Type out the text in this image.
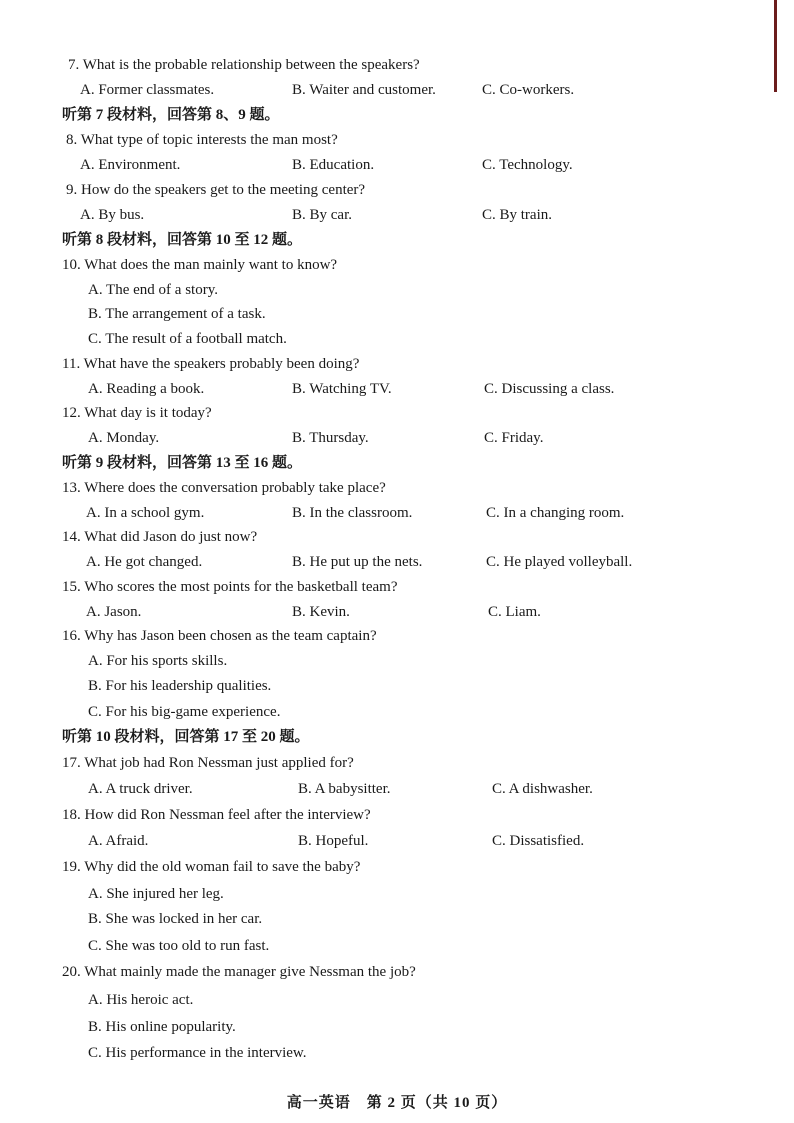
7. What is the probable relationship between the speakers?
A. Former classmates.	B. Waiter and customer.	C. Co-workers.
听第 7 段材料，回答第 8、9 题。
8. What type of topic interests the man most?
A. Environment.	B. Education.	C. Technology.
9. How do the speakers get to the meeting center?
A. By bus.	B. By car.	C. By train.
听第 8 段材料，回答第 10 至 12 题。
10. What does the man mainly want to know?
A. The end of a story.
B. The arrangement of a task.
C. The result of a football match.
11. What have the speakers probably been doing?
A. Reading a book.	B. Watching TV.	C. Discussing a class.
12. What day is it today?
A. Monday.	B. Thursday.	C. Friday.
听第 9 段材料，回答第 13 至 16 题。
13. Where does the conversation probably take place?
A. In a school gym.	B. In the classroom.	C. In a changing room.
14. What did Jason do just now?
A. He got changed.	B. He put up the nets.	C. He played volleyball.
15. Who scores the most points for the basketball team?
A. Jason.	B. Kevin.	C. Liam.
16. Why has Jason been chosen as the team captain?
A. For his sports skills.
B. For his leadership qualities.
C. For his big-game experience.
听第 10 段材料，回答第 17 至 20 题。
17. What job had Ron Nessman just applied for?
A. A truck driver.	B. A babysitter.	C. A dishwasher.
18. How did Ron Nessman feel after the interview?
A. Afraid.	B. Hopeful.	C. Dissatisfied.
19. Why did the old woman fail to save the baby?
A. She injured her leg.
B. She was locked in her car.
C. She was too old to run fast.
20. What mainly made the manager give Nessman the job?
A. His heroic act.
B. His online popularity.
C. His performance in the interview.
高一英语　第 2 页（共 10 页）
